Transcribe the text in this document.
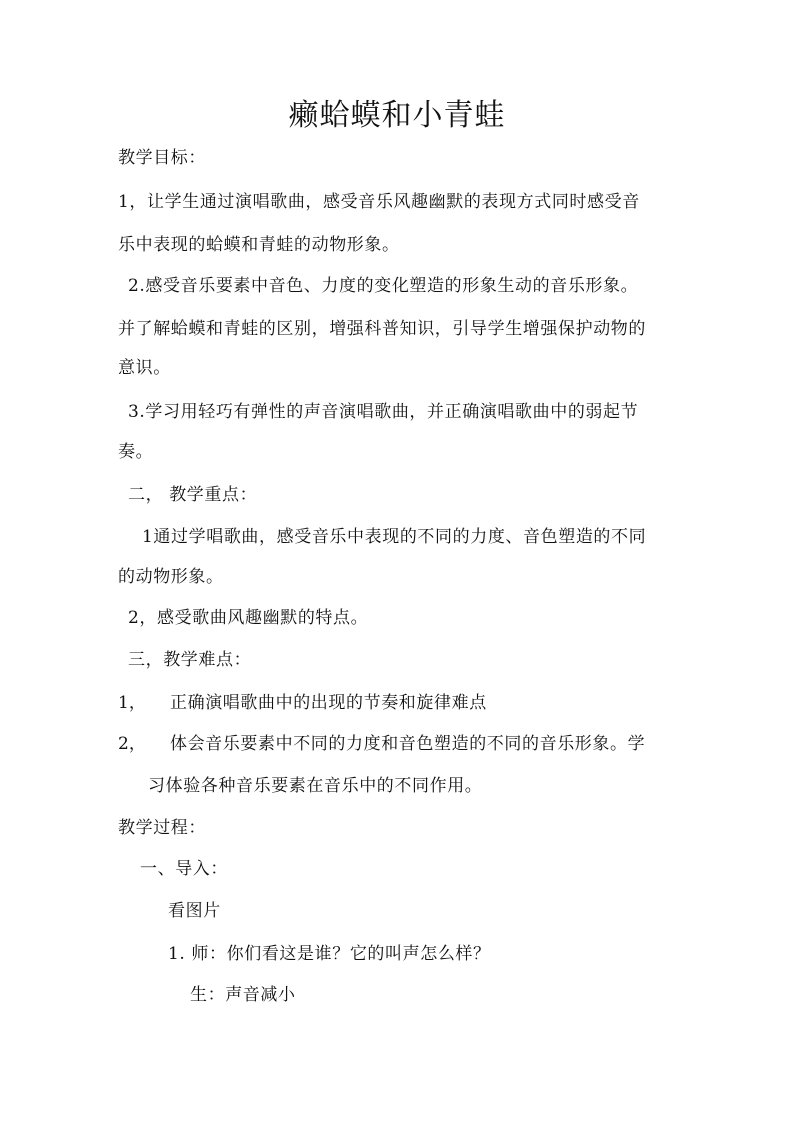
癞蛤蟆和小青蛙
教学目标：
1，让学生通过演唱歌曲，感受音乐风趣幽默的表现方式同时感受音
乐中表现的蛤蟆和青蛙的动物形象。
2.感受音乐要素中音色、力度的变化塑造的形象生动的音乐形象。
并了解蛤蟆和青蛙的区别，增强科普知识，引导学生增强保护动物的
意识。
3.学习用轻巧有弹性的声音演唱歌曲，并正确演唱歌曲中的弱起节
奏。
二， 教学重点：
1通过学唱歌曲，感受音乐中表现的不同的力度、音色塑造的不同
的动物形象。
2，感受歌曲风趣幽默的特点。
三，教学难点：
1， 正确演唱歌曲中的出现的节奏和旋律难点
2， 体会音乐要素中不同的力度和音色塑造的不同的音乐形象。学
习体验各种音乐要素在音乐中的不同作用。
教学过程：
一、导入：
看图片
1. 师：你们看这是谁？它的叫声怎么样？
生：声音减小
